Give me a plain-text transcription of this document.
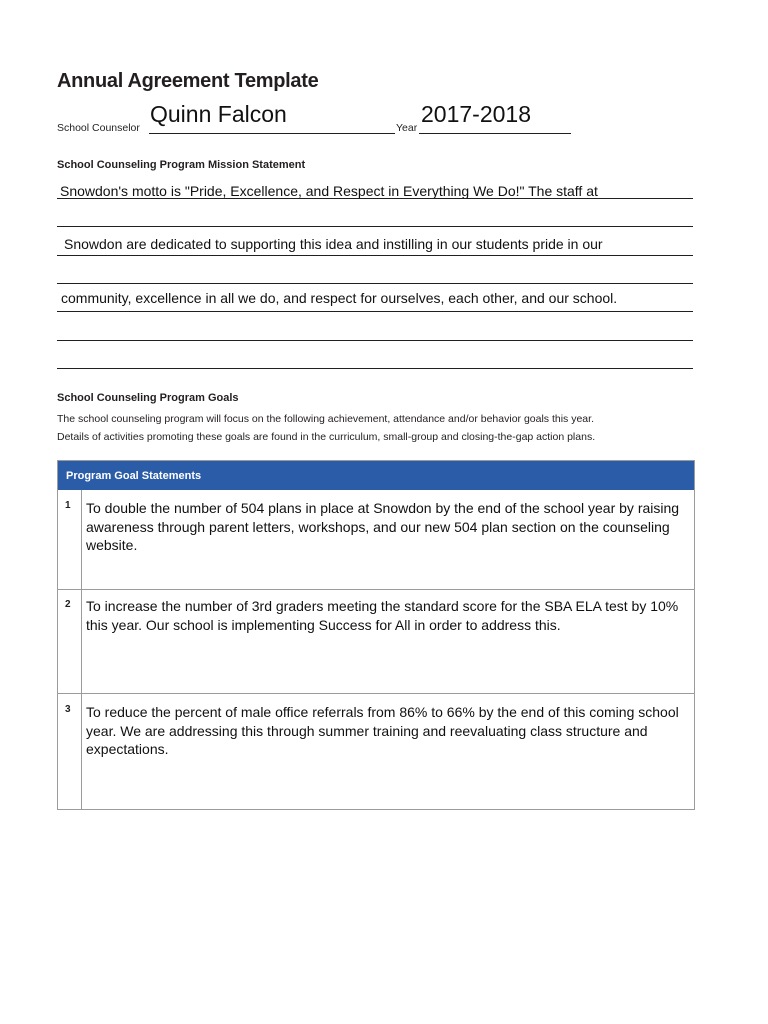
Annual Agreement Template
School Counselor
Quinn Falcon
Year
2017-2018
School Counseling Program Mission Statement
Snowdon's motto is "Pride, Excellence, and Respect in Everything We Do!" The staff at
Snowdon are dedicated to supporting this idea and instilling in our students pride in our
community, excellence in all we do, and respect for ourselves, each other, and our school.
School Counseling Program Goals
The school counseling program will focus on the following achievement, attendance and/or behavior goals this year.
Details of activities promoting these goals are found in the curriculum, small-group and closing-the-gap action plans.
Program Goal Statements
1 To double the number of 504 plans in place at Snowdon by the end of the school year by raising awareness through parent letters, workshops, and our new 504 plan section on the counseling website.
2 To increase the number of 3rd graders meeting the standard score for the SBA ELA test by 10% this year. Our school is implementing Success for All in order to address this.
3 To reduce the percent of male office referrals from 86% to 66% by the end of this coming school year. We are addressing this through summer training and reevaluating class structure and expectations.
